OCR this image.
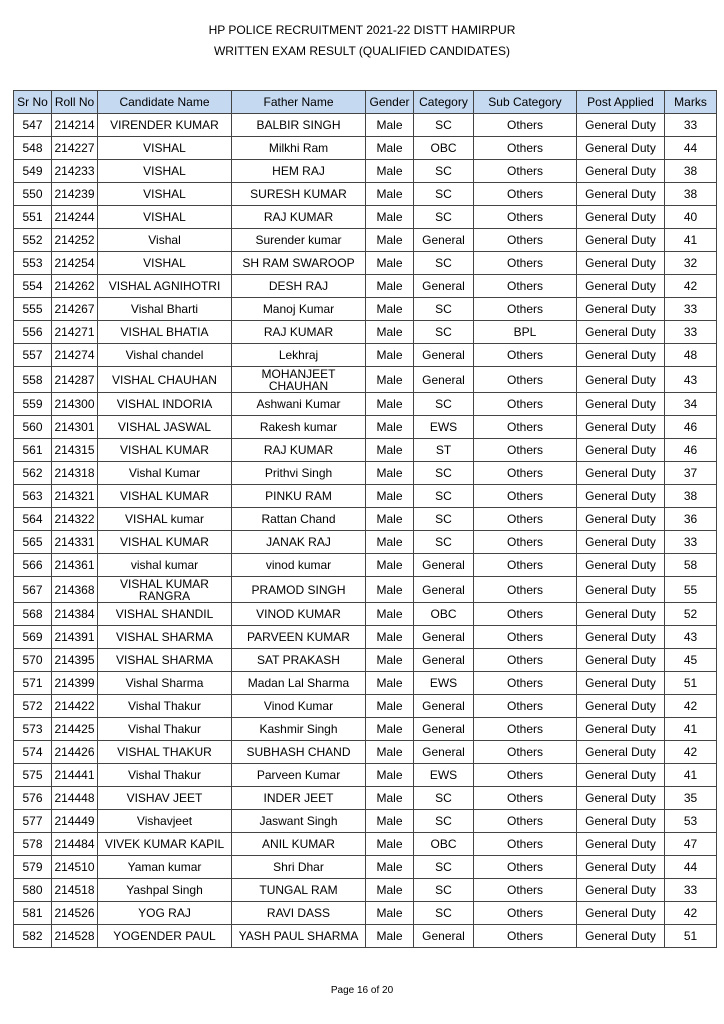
HP POLICE RECRUITMENT 2021-22 DISTT HAMIRPUR
WRITTEN EXAM RESULT (QUALIFIED CANDIDATES)
Sr No	Roll No	Candidate Name	Father Name	Gender	Category	Sub Category	Post Applied	Marks
547	214214	VIRENDER KUMAR	BALBIR SINGH	Male	SC	Others	General Duty	33
548	214227	VISHAL	Milkhi Ram	Male	OBC	Others	General Duty	44
549	214233	VISHAL	HEM RAJ	Male	SC	Others	General Duty	38
550	214239	VISHAL	SURESH KUMAR	Male	SC	Others	General Duty	38
551	214244	VISHAL	RAJ KUMAR	Male	SC	Others	General Duty	40
552	214252	Vishal	Surender kumar	Male	General	Others	General Duty	41
553	214254	VISHAL	SH RAM SWAROOP	Male	SC	Others	General Duty	32
554	214262	VISHAL AGNIHOTRI	DESH RAJ	Male	General	Others	General Duty	42
555	214267	Vishal Bharti	Manoj Kumar	Male	SC	Others	General Duty	33
556	214271	VISHAL BHATIA	RAJ KUMAR	Male	SC	BPL	General Duty	33
557	214274	Vishal chandel	Lekhraj	Male	General	Others	General Duty	48
558	214287	VISHAL CHAUHAN	MOHANJEET CHAUHAN	Male	General	Others	General Duty	43
559	214300	VISHAL INDORIA	Ashwani Kumar	Male	SC	Others	General Duty	34
560	214301	VISHAL JASWAL	Rakesh kumar	Male	EWS	Others	General Duty	46
561	214315	VISHAL KUMAR	RAJ KUMAR	Male	ST	Others	General Duty	46
562	214318	Vishal Kumar	Prithvi Singh	Male	SC	Others	General Duty	37
563	214321	VISHAL KUMAR	PINKU RAM	Male	SC	Others	General Duty	38
564	214322	VISHAL kumar	Rattan Chand	Male	SC	Others	General Duty	36
565	214331	VISHAL KUMAR	JANAK RAJ	Male	SC	Others	General Duty	33
566	214361	vishal kumar	vinod kumar	Male	General	Others	General Duty	58
567	214368	VISHAL KUMAR RANGRA	PRAMOD SINGH	Male	General	Others	General Duty	55
568	214384	VISHAL SHANDIL	VINOD KUMAR	Male	OBC	Others	General Duty	52
569	214391	VISHAL SHARMA	PARVEEN KUMAR	Male	General	Others	General Duty	43
570	214395	VISHAL SHARMA	SAT PRAKASH	Male	General	Others	General Duty	45
571	214399	Vishal Sharma	Madan Lal Sharma	Male	EWS	Others	General Duty	51
572	214422	Vishal Thakur	Vinod Kumar	Male	General	Others	General Duty	42
573	214425	Vishal Thakur	Kashmir Singh	Male	General	Others	General Duty	41
574	214426	VISHAL THAKUR	SUBHASH CHAND	Male	General	Others	General Duty	42
575	214441	Vishal Thakur	Parveen Kumar	Male	EWS	Others	General Duty	41
576	214448	VISHAV JEET	INDER JEET	Male	SC	Others	General Duty	35
577	214449	Vishavjeet	Jaswant Singh	Male	SC	Others	General Duty	53
578	214484	VIVEK KUMAR KAPIL	ANIL KUMAR	Male	OBC	Others	General Duty	47
579	214510	Yaman kumar	Shri Dhar	Male	SC	Others	General Duty	44
580	214518	Yashpal Singh	TUNGAL RAM	Male	SC	Others	General Duty	33
581	214526	YOG RAJ	RAVI DASS	Male	SC	Others	General Duty	42
582	214528	YOGENDER PAUL	YASH PAUL SHARMA	Male	General	Others	General Duty	51
Page 16 of 20
